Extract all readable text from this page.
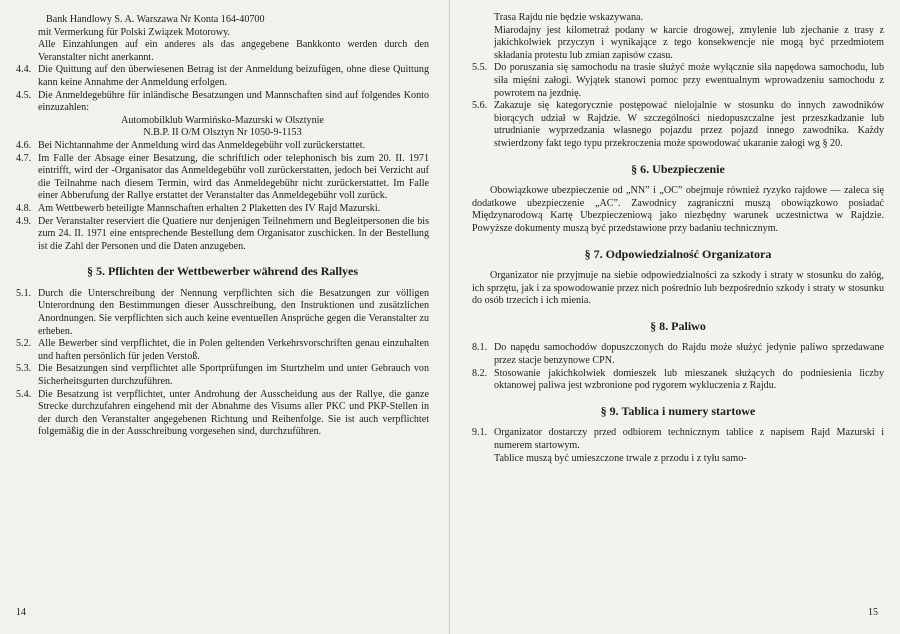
Bank Handlowy S. A. Warszawa Nr Konta 164-40700
mit Vermerkung für Polski Związek Motorowy.
Alle Einzahlungen auf ein anderes als das angegebene Bankkonto werden durch den Veranstalter nicht anerkannt.
4.4. Die Quittung auf den überwiesenen Betrag ist der Anmeldung beizufügen, ohne diese Quittung kann keine Annahme der Anmeldung erfolgen.
4.5. Die Anmeldegebühre für inländische Besatzungen und Mannschaften sind auf folgendes Konto einzuzahlen:
Automobilklub Warmińsko-Mazurski w Olsztynie
N.B.P. II O/M Olsztyn Nr 1050-9-1153
4.6. Bei Nichtannahme der Anmeldung wird das Anmeldegebühr voll zurückerstattet.
4.7. Im Falle der Absage einer Besatzung, die schriftlich oder telephonisch bis zum 20. II. 1971 eintrifft, wird der -Organisator das Anmeldegebühr voll zurückerstatten, jedoch bei Verzicht auf die Teilnahme nach diesem Termin, wird das Anmeldegebühr nicht zurückerstattet. Im Falle einer Abberufung der Rallye erstattet der Veranstalter das Anmeldegebühr voll zurück.
4.8. Am Wettbewerb beteiligte Mannschaften erhalten 2 Plaketten des IV Rajd Mazurski.
4.9. Der Veranstalter reserviert die Quatiere nur denjenigen Teilnehmern und Begleitpersonen die bis zum 24. II. 1971 eine entsprechende Bestellung dem Organisator zuschicken. In der Bestellung ist die Zahl der Personen und die Daten anzugeben.
§ 5. Pflichten der Wettbewerber während des Rallyes
5.1. Durch die Unterschreibung der Nennung verpflichten sich die Besatzungen zur völligen Unterordnung den Bestimmungen dieser Ausschreibung, den Instruktionen und zusätzlichen Anordnungen. Sie verpflichten sich auch keine eventuellen Ansprüche gegen die Veranstalter zu erheben.
5.2. Alle Bewerber sind verpflichtet, die in Polen geltenden Verkehrsvorschriften genau einzuhalten und haften persönlich für jeden Verstoß.
5.3. Die Besatzungen sind verpflichtet alle Sportprüfungen im Sturtzhelm und unter Gebrauch von Sicherheitsgurten durchzuführen.
5.4. Die Besatzung ist verpflichtet, unter Androhung der Ausscheidung aus der Rallye, die ganze Strecke durchzufahren eingehend mit der Abnahme des Visums aller PKC und PKP-Stellen in der durch den Veranstalter angegebenen Richtung und Reihenfolge. Sie ist auch verpflichtet folgemäßig die in der Ausschreibung vorgesehen sind, durchzuführen.
14
Trasa Rajdu nie będzie wskazywana.
Miarodajny jest kilometraż podany w karcie drogowej, zmylenie lub zjechanie z trasy z jakichkolwiek przyczyn i wynikające z tego konsekwencje nie mogą być przedmiotem składania protestu lub zmian zapisów czasu.
5.5. Do poruszania się samochodu na trasie służyć może wyłącznie siła napędowa samochodu, lub siła mięśni załogi. Wyjątek stanowi pomoc przy ewentualnym wprowadzeniu samochodu z powrotem na jezdnię.
5.6. Zakazuje się kategorycznie postępować nielojalnie w stosunku do innych zawodników biorących udział w Rajdzie. W szczególności niedopuszczalne jest przeszkadzanie lub utrudnianie wyprzedzania własnego pojazdu przez pojazd innego zawodnika. Każdy stwierdzony fakt tego typu przekroczenia może spowodować ukaranie załogi wg § 20.
§ 6. Ubezpieczenie
Obowiązkowe ubezpieczenie od „NN” i „OC” obejmuje również ryzyko rajdowe — zaleca się dodatkowe ubezpieczenie „AC”. Zawodnicy zagraniczni muszą obowiązkowo posiadać Międzynarodową Kartę Ubezpieczeniową jako niezbędny warunek uczestnictwa w Rajdzie. Powyższe dokumenty muszą być przedstawione przy badaniu technicznym.
§ 7. Odpowiedzialność Organizatora
Organizator nie przyjmuje na siebie odpowiedzialności za szkody i straty w stosunku do załóg, ich sprzętu, jak i za spowodowanie przez nich pośrednio lub bezpośrednio szkody i straty w stosunku do osób trzecich i ich mienia.
§ 8. Paliwo
8.1. Do napędu samochodów dopuszczonych do Rajdu może służyć jedynie paliwo sprzedawane przez stacje benzynowe CPN.
8.2. Stosowanie jakichkolwiek domieszek lub mieszanek służących do podniesienia liczby oktanowej paliwa jest wzbronione pod rygorem wykluczenia z Rajdu.
§ 9. Tablica i numery startowe
9.1. Organizator dostarczy przed odbiorem technicznym tablice z napisem Rajd Mazurski i numerem startowym.
Tablice muszą być umieszczone trwale z przodu i z tyłu samo-
15
